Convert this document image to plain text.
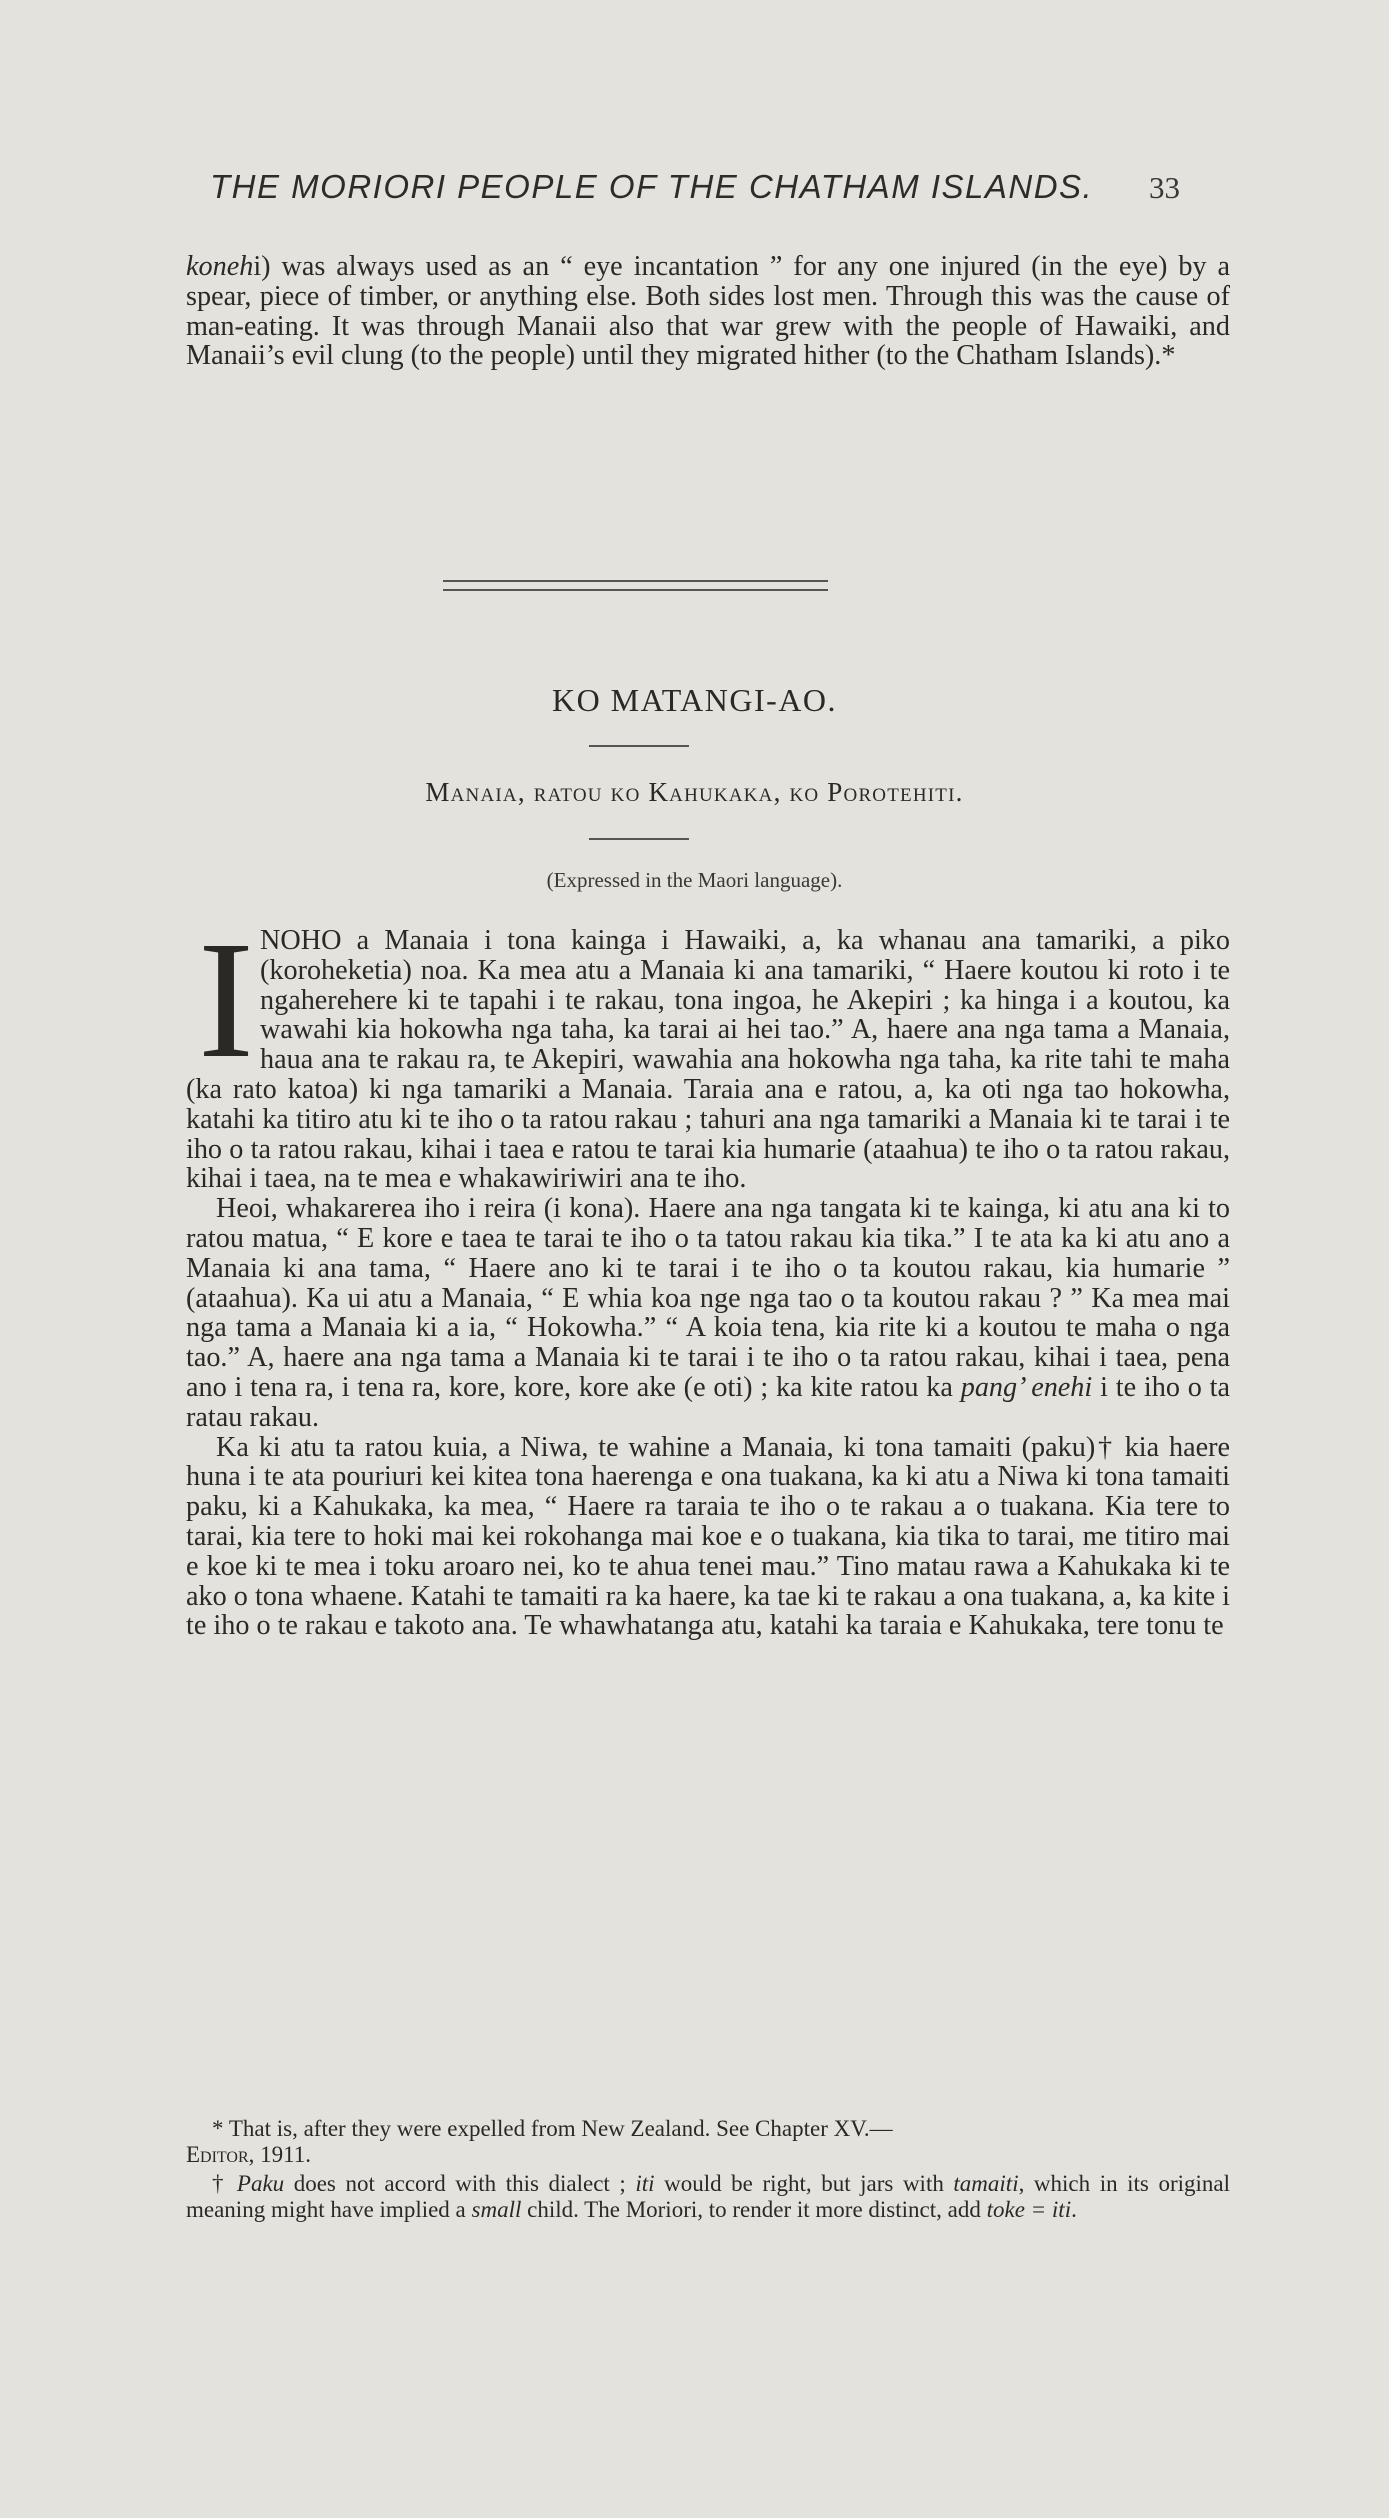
THE MORIORI PEOPLE OF THE CHATHAM ISLANDS. 33

konehi) was always used as an “ eye incantation ” for any one injured (in the eye) by a spear, piece of timber, or anything else. Both sides lost men. Through this was the cause of man-eating. It was through Manaii also that war grew with the people of Hawaiki, and Manaii’s evil clung (to the people) until they migrated hither (to the Chatham Islands).*

KO MATANGI-AO.
Manaia, ratou ko Kahukaka, ko Porotehiti.
(Expressed in the Maori language).

INOHO a Manaia i tona kainga i Hawaiki, a, ka whanau ana tamariki, a piko (koroheketia) noa. Ka mea atu a Manaia ki ana tamariki, “ Haere koutou ki roto i te ngaherehere ki te tapahi i te rakau, tona ingoa, he Akepiri ; ka hinga i a koutou, ka wawahi kia hokowha nga taha, ka tarai ai hei tao.” A, haere ana nga tama a Manaia, haua ana te rakau ra, te Akepiri, wawahia ana hokowha nga taha, ka rite tahi te maha (ka rato katoa) ki nga tamariki a Manaia. Taraia ana e ratou, a, ka oti nga tao hokowha, katahi ka titiro atu ki te iho o ta ratou rakau ; tahuri ana nga tamariki a Manaia ki te tarai i te iho o ta ratou rakau, kihai i taea e ratou te tarai kia humarie (ataahua) te iho o ta ratou rakau, kihai i taea, na te mea e whakawiriwiri ana te iho.

Heoi, whakarerea iho i reira (i kona). Haere ana nga tangata ki te kainga, ki atu ana ki to ratou matua, “ E kore e taea te tarai te iho o ta tatou rakau kia tika.” I te ata ka ki atu ano a Manaia ki ana tama, “ Haere ano ki te tarai i te iho o ta koutou rakau, kia humarie ” (ataahua). Ka ui atu a Manaia, “ E whia koa nge nga tao o ta koutou rakau ? ” Ka mea mai nga tama a Manaia ki a ia, “ Hokowha.” “ A koia tena, kia rite ki a koutou te maha o nga tao.” A, haere ana nga tama a Manaia ki te tarai i te iho o ta ratou rakau, kihai i taea, pena ano i tena ra, i tena ra, kore, kore, kore ake (e oti) ; ka kite ratou ka pang’ enehi i te iho o ta ratau rakau.

Ka ki atu ta ratou kuia, a Niwa, te wahine a Manaia, ki tona tamaiti (paku)† kia haere huna i te ata pouriuri kei kitea tona haerenga e ona tuakana, ka ki atu a Niwa ki tona tamaiti paku, ki a Kahukaka, ka mea, “ Haere ra taraia te iho o te rakau a o tuakana. Kia tere to tarai, kia tere to hoki mai kei rokohanga mai koe e o tuakana, kia tika to tarai, me titiro mai e koe ki te mea i toku aroaro nei, ko te ahua tenei mau.” Tino matau rawa a Kahukaka ki te ako o tona whaene. Katahi te tamaiti ra ka haere, ka tae ki te rakau a ona tuakana, a, ka kite i te iho o te rakau e takoto ana. Te whawhatanga atu, katahi ka taraia e Kahukaka, tere tonu te

* That is, after they were expelled from New Zealand. See Chapter XV.—
Editor, 1911.

† Paku does not accord with this dialect ; iti would be right, but jars with tamaiti, which in its original meaning might have implied a small child. The Moriori, to render it more distinct, add toke = iti.
